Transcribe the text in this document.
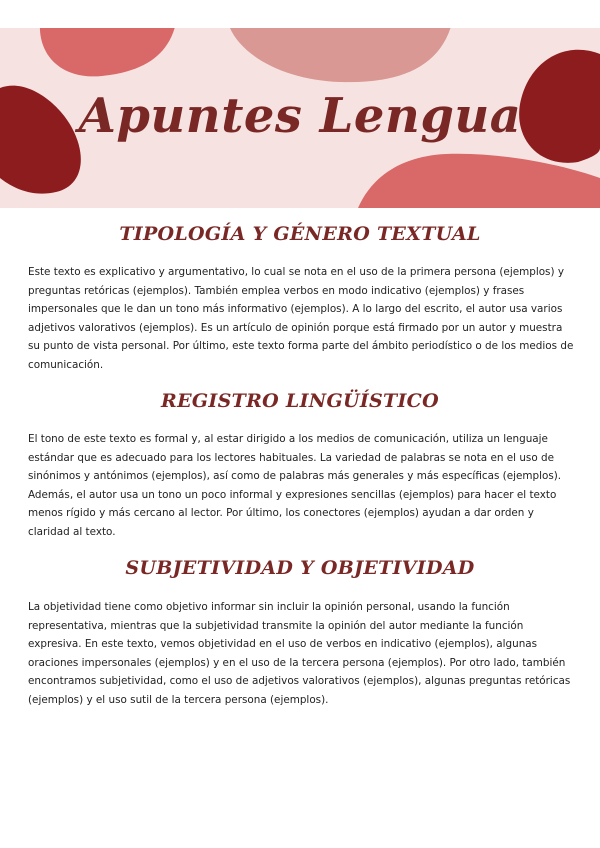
Apuntes Lengua
TIPOLOGÍA Y GÉNERO TEXTUAL
Este texto es explicativo y argumentativo, lo cual se nota en el uso de la primera persona (ejemplos) y preguntas retóricas (ejemplos). También emplea verbos en modo indicativo (ejemplos) y frases impersonales que le dan un tono más informativo (ejemplos). A lo largo del escrito, el autor usa varios adjetivos valorativos (ejemplos). Es un artículo de opinión porque está firmado por un autor y muestra su punto de vista personal. Por último, este texto forma parte del ámbito periodístico o de los medios de comunicación.
REGISTRO LINGÜÍSTICO
El tono de este texto es formal y, al estar dirigido a los medios de comunicación, utiliza un lenguaje estándar que es adecuado para los lectores habituales. La variedad de palabras se nota en el uso de sinónimos y antónimos (ejemplos), así como de palabras más generales y más específicas (ejemplos). Además, el autor usa un tono un poco informal y expresiones sencillas (ejemplos) para hacer el texto menos rígido y más cercano al lector. Por último, los conectores (ejemplos) ayudan a dar orden y claridad al texto.
SUBJETIVIDAD Y OBJETIVIDAD
La objetividad tiene como objetivo informar sin incluir la opinión personal, usando la función representativa, mientras que la subjetividad transmite la opinión del autor mediante la función expresiva. En este texto, vemos objetividad en el uso de verbos en indicativo (ejemplos), algunas oraciones impersonales (ejemplos) y en el uso de la tercera persona (ejemplos). Por otro lado, también encontramos subjetividad, como el uso de adjetivos valorativos (ejemplos), algunas preguntas retóricas (ejemplos) y el uso sutil de la tercera persona (ejemplos).
